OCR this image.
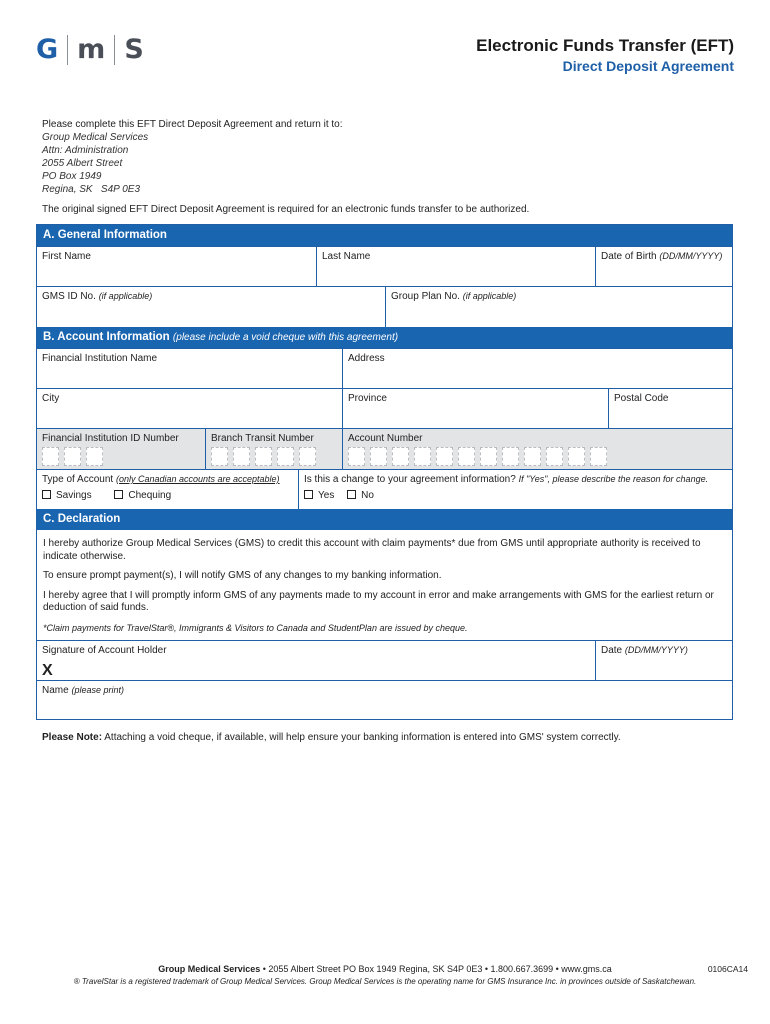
G m S	Electronic Funds Transfer (EFT)
Direct Deposit Agreement
Please complete this EFT Direct Deposit Agreement and return it to:
Group Medical Services
Attn: Administration
2055 Albert Street
PO Box 1949
Regina, SK   S4P 0E3
The original signed EFT Direct Deposit Agreement is required for an electronic funds transfer to be authorized.
A. General Information
First Name	Last Name	Date of Birth (DD/MM/YYYY)
GMS ID No. (if applicable)	Group Plan No. (if applicable)
B. Account Information (please include a void cheque with this agreement)
Financial Institution Name	Address
City	Province	Postal Code
Financial Institution ID Number	Branch Transit Number	Account Number
Type of Account (only Canadian accounts are acceptable)
Savings	Chequing
Is this a change to your agreement information? If "Yes", please describe the reason for change.
Yes	No
C. Declaration

I hereby authorize Group Medical Services (GMS) to credit this account with claim payments* due from GMS until appropriate authority is received to indicate otherwise.

To ensure prompt payment(s), I will notify GMS of any changes to my banking information.

I hereby agree that I will promptly inform GMS of any payments made to my account in error and make arrangements with GMS for the earliest return or deduction of said funds.

*Claim payments for TravelStar®, Immigrants & Visitors to Canada and StudentPlan are issued by cheque.

Signature of Account Holder
X
Date (DD/MM/YYYY)
Name (please print)
Please Note: Attaching a void cheque, if available, will help ensure your banking information is entered into GMS' system correctly.
Group Medical Services • 2055 Albert Street PO Box 1949 Regina, SK S4P 0E3 • 1.800.667.3699 • www.gms.ca
® TravelStar is a registered trademark of Group Medical Services. Group Medical Services is the operating name for GMS Insurance Inc. in provinces outside of Saskatchewan.
0106CA14
